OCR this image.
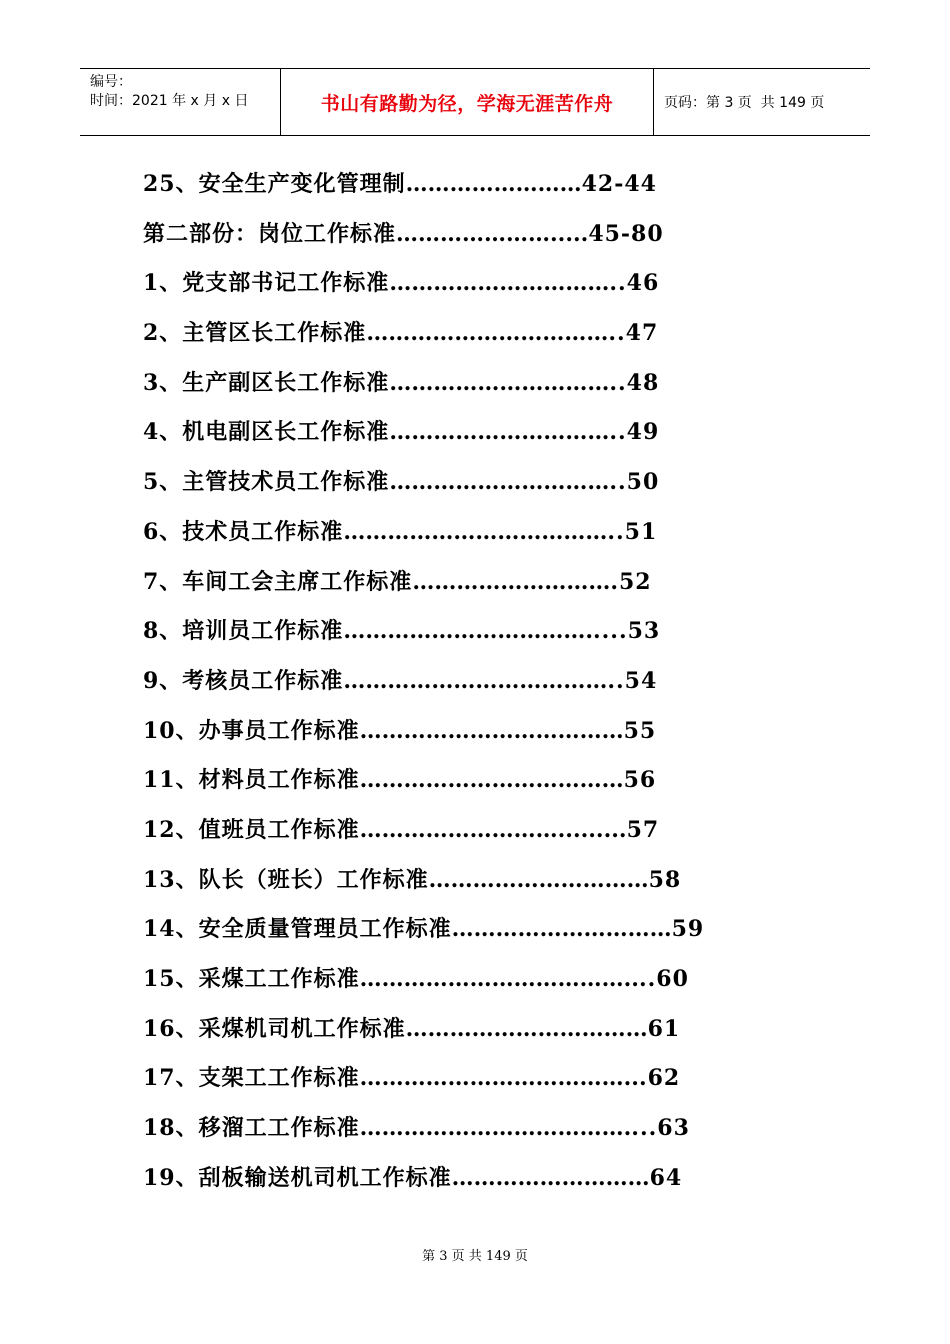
编号：
时间：2021 年 x 月 x 日	书山有路勤为径，学海无涯苦作舟	页码：第 3 页  共 149 页
25、安全生产变化管理制 …………………… 42-44
第二部份：岗位工作标准 …………………..... 45-80
1、党支部书记工作标准 ………………………… ..46
2、主管区长工作标准 …………………………… ..47
3、生产副区长工作标准 ………………………… ..48
4、机电副区长工作标准 ………………………… ..49
5、主管技术员工作标准 ………………………… ..50
6、技术员工作标准 ……………………………… ..51
7、车间工会主席工作标准 ……………………… .52
8、培训员工作标准 ……………………………. ....53
9、考核员工作标准 ……………………………… ..54
10、办事员工作标准 ……………………………… 55
11、材料员工作标准 ……………………………… 56
12、值班员工作标准 ………………………......... 57
13、队长（班长）工作标准 ………………………… 58
14、安全质量管理员工作标准 ………………………… 59
15、采煤工工作标准 ……………………………….. ..60
16、采煤机司机工作标准 …………………………… 61
17、支架工工作标准 ……………………………….. .62
18、移溜工工作标准 ………………………………. ...63
19、刮板输送机司机工作标准 ……………………… 64
第 3 页 共 149 页
